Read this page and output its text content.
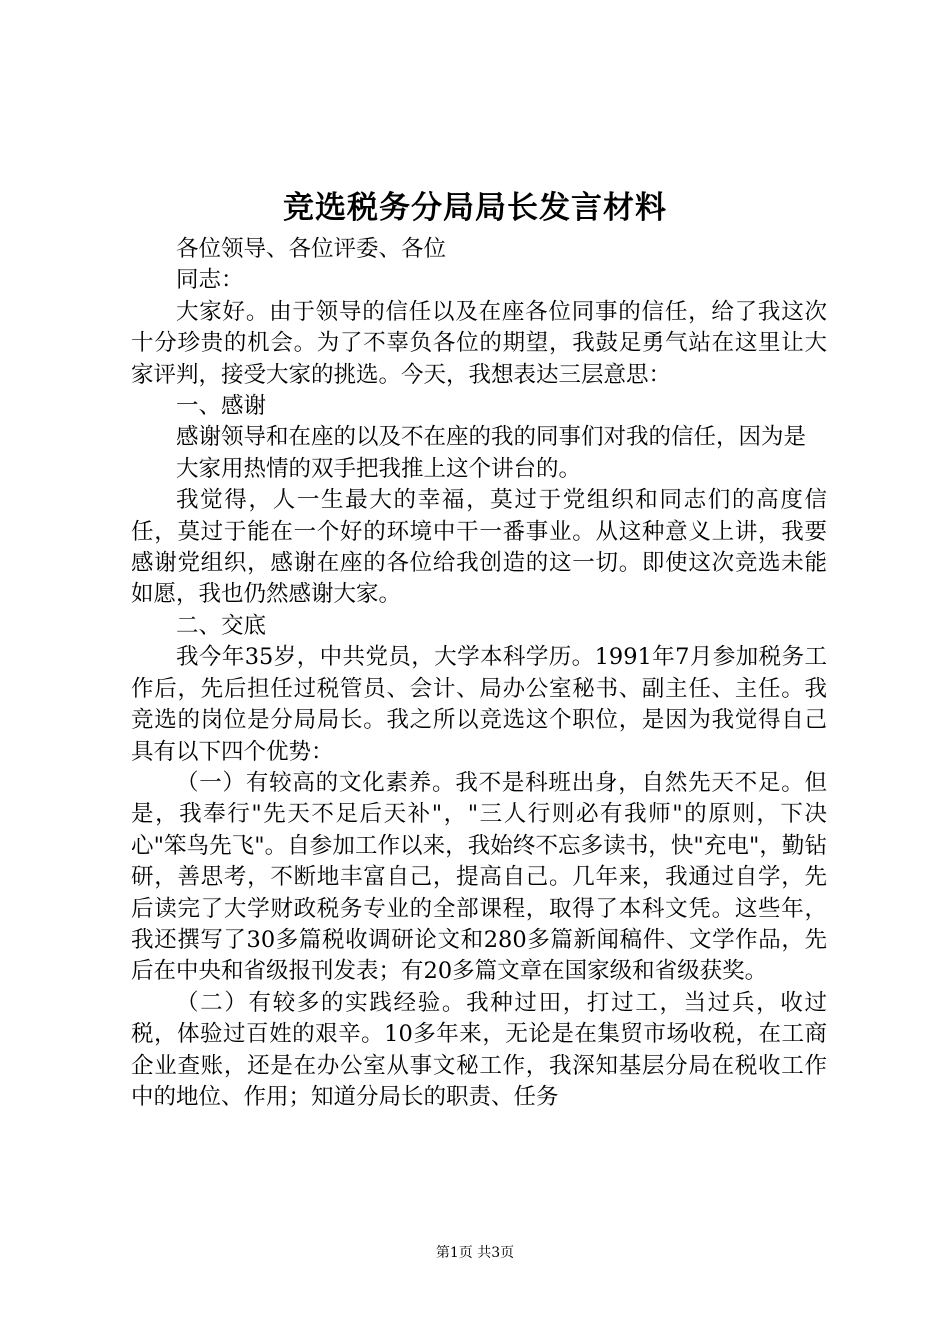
竞选税务分局局长发言材料

各位领导、各位评委、各位

同志：

大家好。由于领导的信任以及在座各位同事的信任，给了我这次十分珍贵的机会。为了不辜负各位的期望，我鼓足勇气站在这里让大家评判，接受大家的挑选。今天，我想表达三层意思：

一、感谢

感谢领导和在座的以及不在座的我的同事们对我的信任，因为是

大家用热情的双手把我推上这个讲台的。

我觉得，人一生最大的幸福，莫过于党组织和同志们的高度信任，莫过于能在一个好的环境中干一番事业。从这种意义上讲，我要感谢党组织，感谢在座的各位给我创造的这一切。即使这次竞选未能如愿，我也仍然感谢大家。

二、交底

我今年35岁，中共党员，大学本科学历。1991年7月参加税务工作后，先后担任过税管员、会计、局办公室秘书、副主任、主任。我竞选的岗位是分局局长。我之所以竞选这个职位，是因为我觉得自己具有以下四个优势：

（一）有较高的文化素养。我不是科班出身，自然先天不足。但是，我奉行"先天不足后天补"，"三人行则必有我师"的原则，下决心"笨鸟先飞"。自参加工作以来，我始终不忘多读书，快"充电"，勤钻研，善思考，不断地丰富自己，提高自己。几年来，我通过自学，先后读完了大学财政税务专业的全部课程，取得了本科文凭。这些年，我还撰写了30多篇税收调研论文和280多篇新闻稿件、文学作品，先后在中央和省级报刊发表；有20多篇文章在国家级和省级获奖。

（二）有较多的实践经验。我种过田，打过工，当过兵，收过税，体验过百姓的艰辛。10多年来，无论是在集贸市场收税，在工商企业查账，还是在办公室从事文秘工作，我深知基层分局在税收工作中的地位、作用；知道分局长的职责、任务

第1页 共3页
